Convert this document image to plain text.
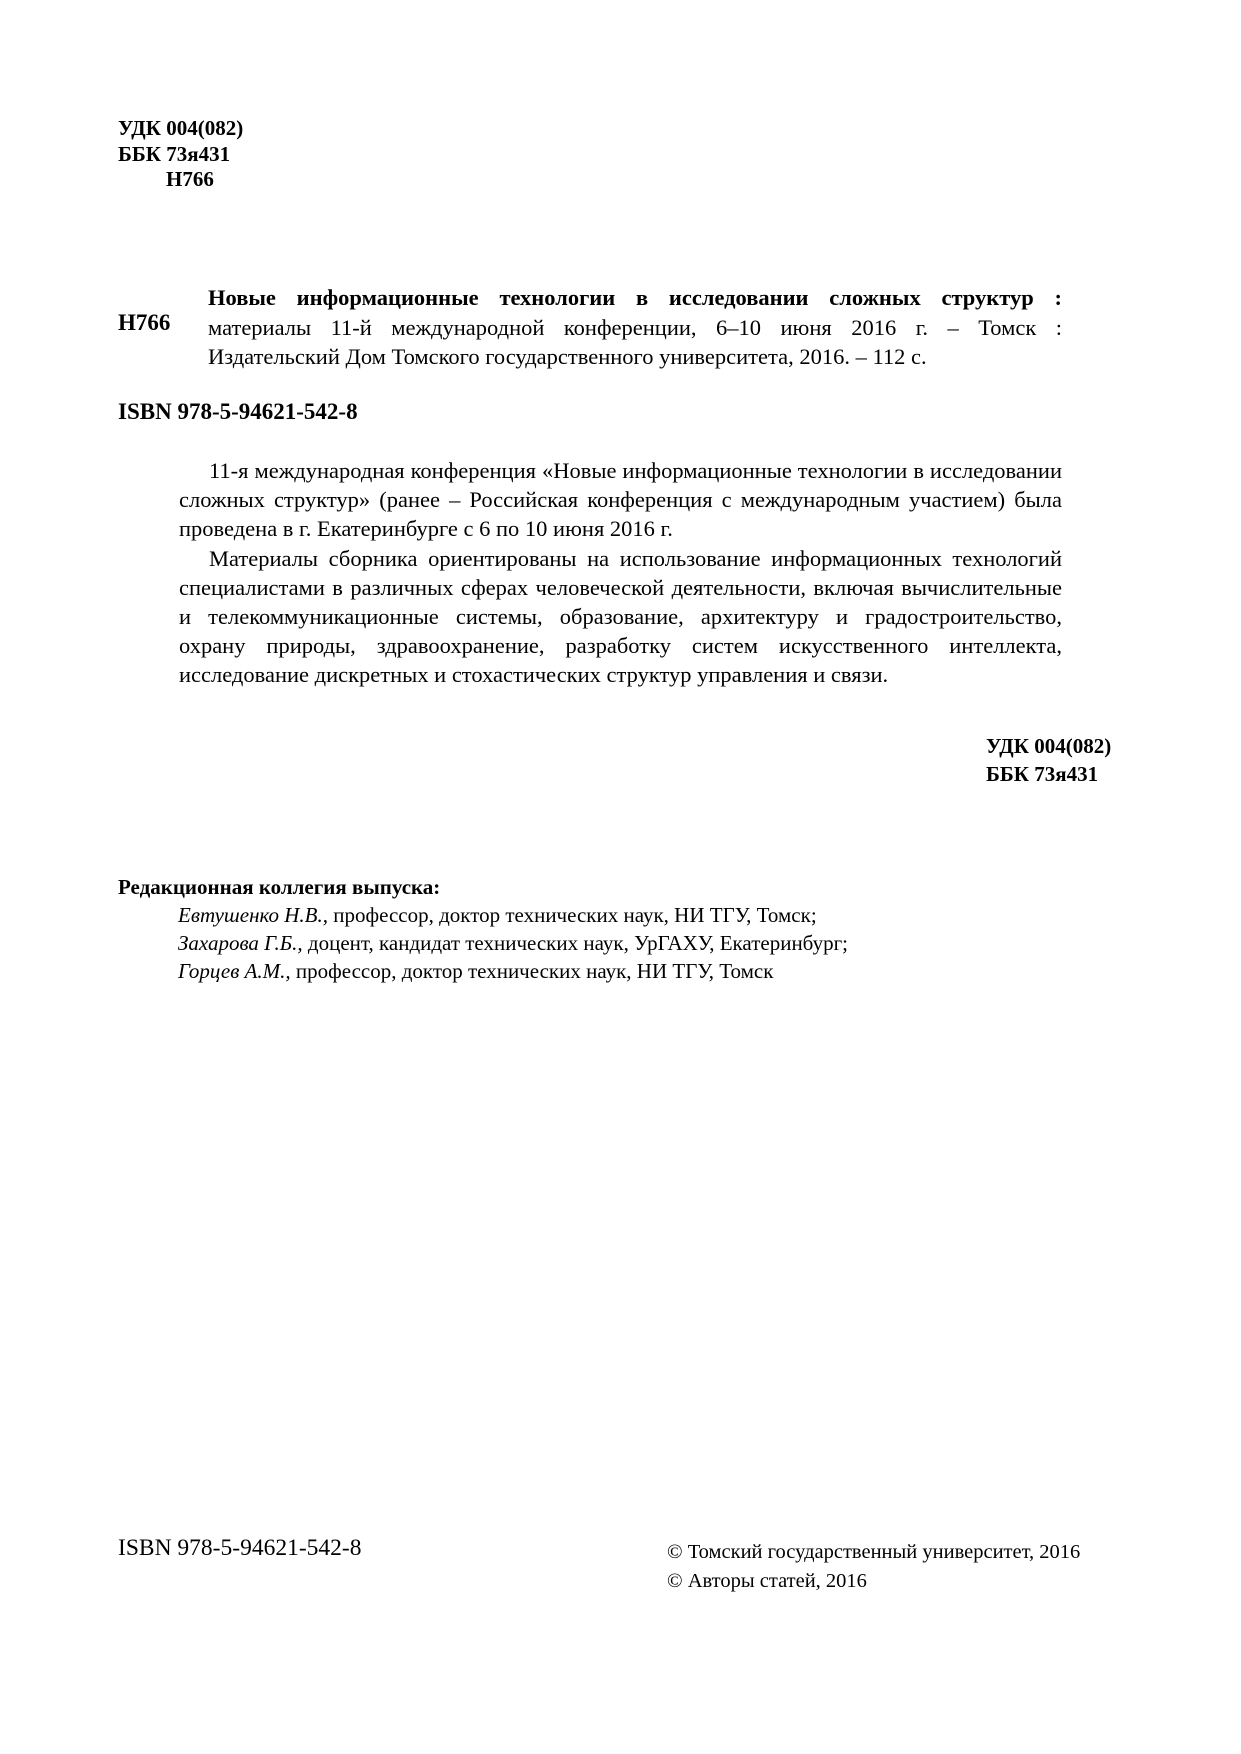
УДК 004(082)
ББК 73я431
Н766
Н766
Новые информационные технологии в исследовании сложных структур :
материалы 11-й международной конференции, 6–10 июня 2016 г. – Томск :
Издательский Дом Томского государственного университета, 2016. – 112 с.
ISBN 978-5-94621-542-8

11-я международная конференция «Новые информационные технологии в исследовании сложных структур» (ранее – Российская конференция с международным участием) была проведена в г. Екатеринбурге с 6 по 10 июня 2016 г.

Материалы сборника ориентированы на использование информационных технологий специалистами в различных сферах человеческой деятельности, включая вычислительные и телекоммуникационные системы, образование, архитектуру и градостроительство, охрану природы, здравоохранение, разработку систем искусственного интеллекта, исследование дискретных и стохастических структур управления и связи.

УДК 004(082)
ББК 73я431
Редакционная коллегия выпуска:
Евтушенко Н.В., профессор, доктор технических наук, НИ ТГУ, Томск;
Захарова Г.Б., доцент, кандидат технических наук, УрГАХУ, Екатеринбург;
Горцев А.М., профессор, доктор технических наук, НИ ТГУ, Томск
ISBN 978-5-94621-542-8	© Томский государственный университет, 2016
© Авторы статей, 2016
